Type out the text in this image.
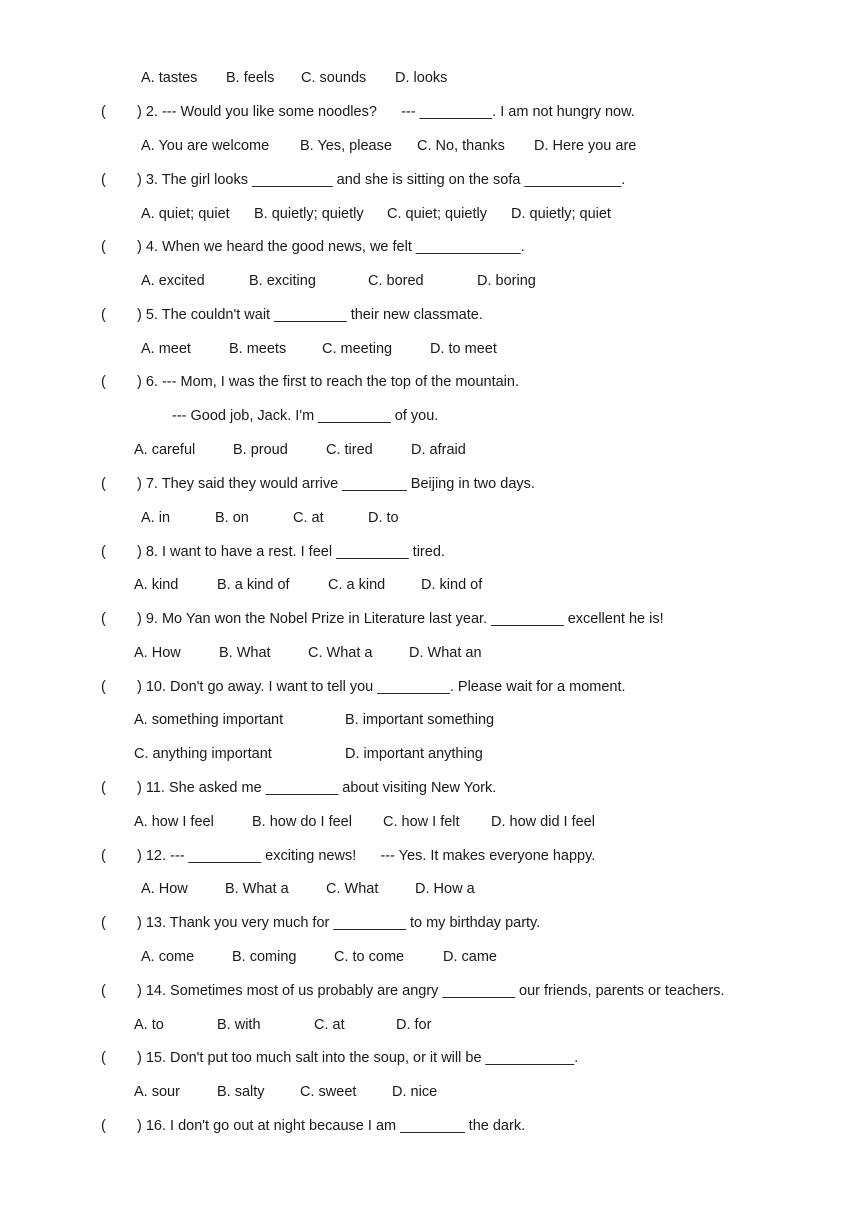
A. tastes B. feels C. sounds D. looks
( ) 2. --- Would you like some noodles?      --- _________. I am not hungry now.
A. You are welcome B. Yes, please C. No, thanks D. Here you are
( ) 3. The girl looks __________ and she is sitting on the sofa ____________.
A. quiet; quiet B. quietly; quietly C. quiet; quietly D. quietly; quiet
( ) 4. When we heard the good news, we felt _____________.
A. excited	B. exciting	C. bored	D. boring
( ) 5. The couldn't wait _________ their new classmate.
A. meet	B. meets C. meeting	D. to meet
( ) 6. --- Mom, I was the first to reach the top of the mountain.
--- Good job, Jack. I'm _________ of you.
A. careful	B. proud	C. tired	D. afraid
( ) 7. They said they would arrive ________ Beijing in two days.
A. in	B. on	C. at	D. to
( ) 8. I want to have a rest. I feel _________ tired.
A. kind	B. a kind of	C. a kind D. kind of
( ) 9. Mo Yan won the Nobel Prize in Literature last year. _________ excellent he is!
A. How	B. What	C. What a	D. What an
( ) 10. Don't go away. I want to tell you _________. Please wait for a moment.
A. something important	B. important something
C. anything important	D. important anything
( ) 11. She asked me _________ about visiting New York.
A. how I feel	B. how do I feel C. how I felt D. how did I feel
( ) 12. --- _________ exciting news!      --- Yes. It makes everyone happy.
A. How	B. What a	C. What	D. How a
( ) 13. Thank you very much for _________ to my birthday party.
A. come	B. coming	C. to come	D. came
( ) 14. Sometimes most of us probably are angry _________ our friends, parents or teachers.
A. to	B. with	C. at	D. for
( ) 15. Don't put too much salt into the soup, or it will be ___________.
A. sour	B. salty C. sweet D. nice
( ) 16. I don't go out at night because I am ________ the dark.
